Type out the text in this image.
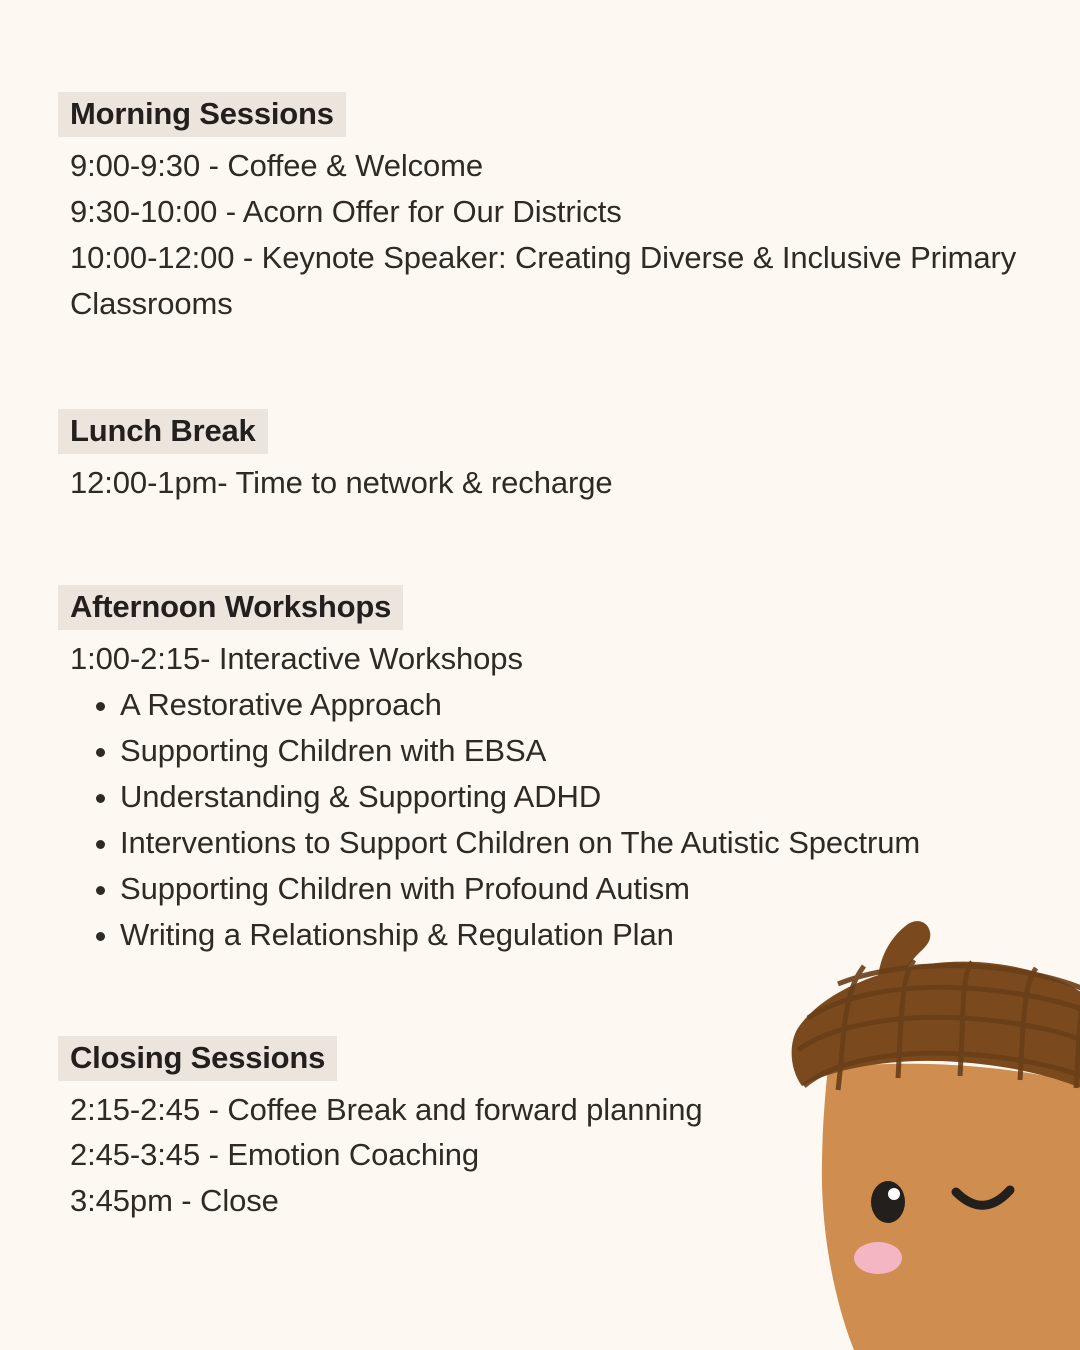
Morning Sessions
9:00-9:30 - Coffee & Welcome
9:30-10:00 - Acorn Offer for Our Districts
10:00-12:00 - Keynote Speaker: Creating Diverse & Inclusive Primary Classrooms
Lunch Break
12:00-1pm- Time to network & recharge
Afternoon Workshops
1:00-2:15- Interactive Workshops
A Restorative Approach
Supporting Children with EBSA
Understanding & Supporting ADHD
Interventions to Support Children on The Autistic Spectrum
Supporting Children with Profound Autism
Writing a Relationship & Regulation Plan
Closing Sessions
2:15-2:45 - Coffee Break and forward planning
2:45-3:45 - Emotion Coaching
3:45pm - Close
